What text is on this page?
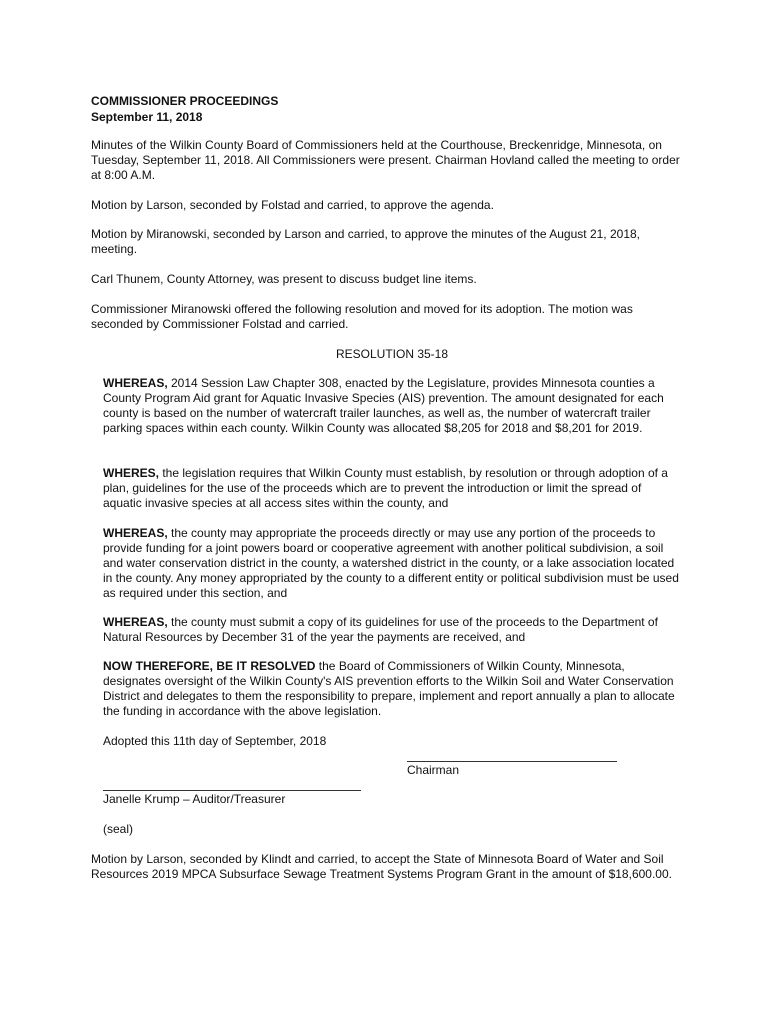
COMMISSIONER PROCEEDINGS

September 11, 2018

Minutes of the Wilkin County Board of Commissioners held at the Courthouse, Breckenridge, Minnesota, on Tuesday, September 11, 2018. All Commissioners were present. Chairman Hovland called the meeting to order at 8:00 A.M.

Motion by Larson, seconded by Folstad and carried, to approve the agenda.

Motion by Miranowski, seconded by Larson and carried, to approve the minutes of the August 21, 2018, meeting.

Carl Thunem, County Attorney, was present to discuss budget line items.

Commissioner Miranowski offered the following resolution and moved for its adoption. The motion was seconded by Commissioner Folstad and carried.

RESOLUTION 35-18

WHEREAS, 2014 Session Law Chapter 308, enacted by the Legislature, provides Minnesota counties a County Program Aid grant for Aquatic Invasive Species (AIS) prevention. The amount designated for each county is based on the number of watercraft trailer launches, as well as, the number of watercraft trailer parking spaces within each county. Wilkin County was allocated $8,205 for 2018 and $8,201 for 2019.

WHERES, the legislation requires that Wilkin County must establish, by resolution or through adoption of a plan, guidelines for the use of the proceeds which are to prevent the introduction or limit the spread of aquatic invasive species at all access sites within the county, and

WHEREAS, the county may appropriate the proceeds directly or may use any portion of the proceeds to provide funding for a joint powers board or cooperative agreement with another political subdivision, a soil and water conservation district in the county, a watershed district in the county, or a lake association located in the county. Any money appropriated by the county to a different entity or political subdivision must be used as required under this section, and

WHEREAS, the county must submit a copy of its guidelines for use of the proceeds to the Department of Natural Resources by December 31 of the year the payments are received, and

NOW THEREFORE, BE IT RESOLVED the Board of Commissioners of Wilkin County, Minnesota, designates oversight of the Wilkin County's AIS prevention efforts to the Wilkin Soil and Water Conservation District and delegates to them the responsibility to prepare, implement and report annually a plan to allocate the funding in accordance with the above legislation.

Adopted this 11th day of September, 2018

Chairman

Janelle Krump – Auditor/Treasurer

(seal)

Motion by Larson, seconded by Klindt and carried, to accept the State of Minnesota Board of Water and Soil Resources 2019 MPCA Subsurface Sewage Treatment Systems Program Grant in the amount of $18,600.00.
